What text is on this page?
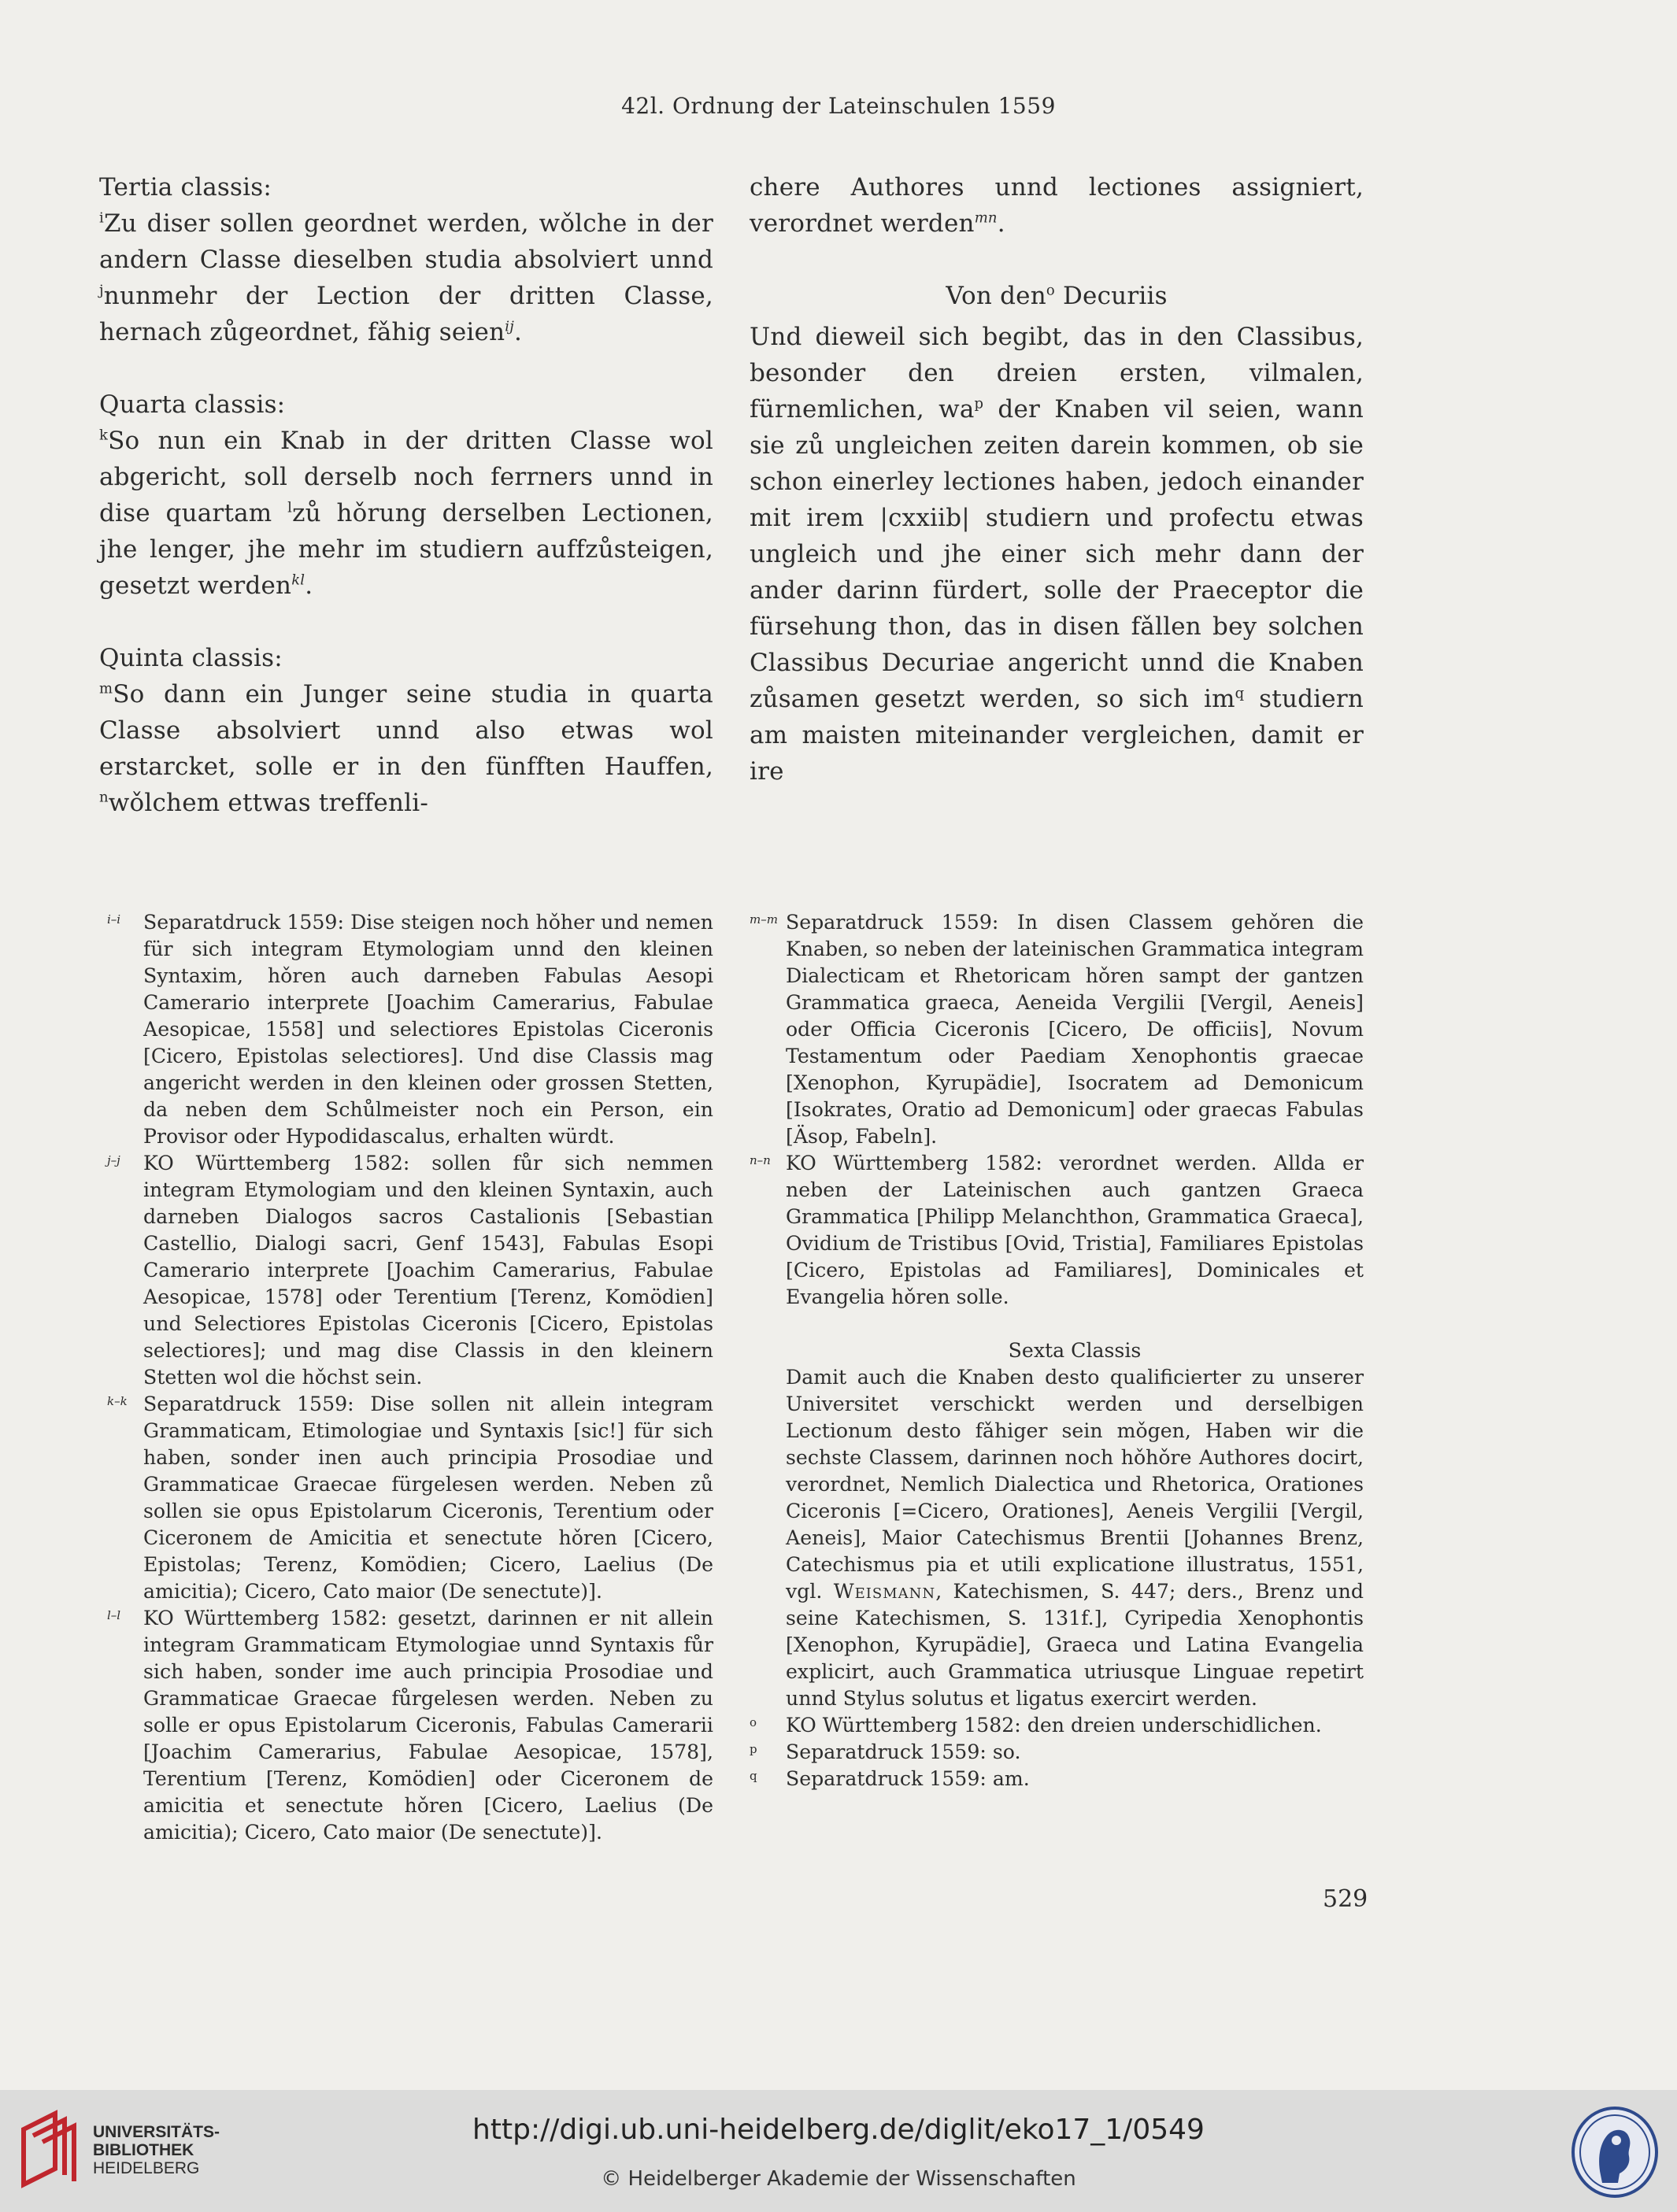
42l. Ordnung der Lateinschulen 1559

Tertia classis:

$^i$Zu diser sollen geordnet werden, wǒlche in der andern Classe dieselben studia absolviert unnd $^j$nunmehr der Lection der dritten Classe, hernach zůgeordnet, fǎhig seien$^{ij}$.

Quarta classis:

$^k$So nun ein Knab in der dritten Classe wol abgericht, soll derselb noch ferrners unnd in dise quartam $^l$zů hǒrung derselben Lectionen, jhe lenger, jhe mehr im studiern auffzůsteigen, gesetzt werden$^{kl}$.

Quinta classis:

$^m$So dann ein Junger seine studia in quarta Classe absolviert unnd also etwas wol erstarcket, solle er in den fünfften Hauffen, $^n$wǒlchem ettwas treffenli-

chere Authores unnd lectiones assigniert, verordnet werden$^{mn}$.

Von den$^o$ Decuriis

Und dieweil sich begibt, das in den Classibus, besonder den dreien ersten, vilmalen, fürnemlichen, $wa^p$ der Knaben vil seien, wann sie zů ungleichen zeiten darein kommen, ob sie schon einerley lectiones haben, jedoch einander mit irem |cxxiib| studiern und profectu etwas ungleich und jhe einer sich mehr dann der ander darinn fürdert, solle der Praeceptor die fürsehung thon, das in disen fǎllen bey solchen Classibus Decuriae angericht unnd die Knaben zůsamen gesetzt werden, so sich $im^q$ studiern am maisten miteinander vergleichen, damit er ire

i–i	Separatdruck 1559: Dise steigen noch hǒher und nemen für sich integram Etymologiam unnd den kleinen Syntaxim, hǒren auch darneben Fabulas Aesopi Camerario interprete [Joachim Camerarius, Fabulae Aesopicae, 1558] und selectiores Epistolas Ciceronis [Cicero, Epistolas selectiores]. Und dise Classis mag angericht werden in den kleinen oder grossen Stetten, da neben dem Schůlmeister noch ein Person, ein Provisor oder Hypodidascalus, erhalten würdt.

j–j	KO Württemberg 1582: sollen fůr sich nemmen integram Etymologiam und den kleinen Syntaxin, auch darneben Dialogos sacros Castalionis [Sebastian Castellio, Dialogi sacri, Genf 1543], Fabulas Esopi Camerario interprete [Joachim Camerarius, Fabulae Aesopicae, 1578] oder Terentium [Terenz, Komödien] und Selectiores Epistolas Ciceronis [Cicero, Epistolas selectiores]; und mag dise Classis in den kleinern Stetten wol die hǒchst sein.

k–k Separatdruck 1559: Dise sollen nit allein integram Grammaticam, Etimologiae und Syntaxis [sic!] für sich haben, sonder inen auch principia Prosodiae und Grammaticae Graecae fürgelesen werden. Neben zů sollen sie opus Epistolarum Ciceronis, Terentium oder Ciceronem de Amicitia et senectute hǒren [Cicero, Epistolas; Terenz, Komödien; Cicero, Laelius (De amicitia); Cicero, Cato maior (De senectute)].

l–l	KO Württemberg 1582: gesetzt, darinnen er nit allein integram Grammaticam Etymologiae unnd Syntaxis fůr sich haben, sonder ime auch principia Prosodiae und Grammaticae Graecae fůrgelesen werden. Neben zu solle er opus Epistolarum Ciceronis, Fabulas Camerarii [Joachim Camerarius, Fabulae Aesopicae, 1578], Terentium [Terenz, Komödien] oder Ciceronem de amicitia et senectute hǒren [Cicero, Laelius (De amicitia); Cicero, Cato maior (De senectute)].

m–m Separatdruck 1559: In disen Classem gehǒren die Knaben, so neben der lateinischen Grammatica integram Dialecticam et Rhetoricam hǒren sampt der gantzen Grammatica graeca, Aeneida Vergilii [Vergil, Aeneis] oder Officia Ciceronis [Cicero, De officiis], Novum Testamentum oder Paediam Xenophontis graecae [Xenophon, Kyrupädie], Isocratem ad Demonicum [Isokrates, Oratio ad Demonicum] oder graecas Fabulas [Äsop, Fabeln].

n–n KO Württemberg 1582: verordnet werden. Allda er neben der Lateinischen auch gantzen Graeca Grammatica [Philipp Melanchthon, Grammatica Graeca], Ovidium de Tristibus [Ovid, Tristia], Familiares Epistolas [Cicero, Epistolas ad Familiares], Dominicales et Evangelia hǒren solle.

Sexta Classis

Damit auch die Knaben desto qualificierter zu unserer Universitet verschickt werden und derselbigen Lectionum desto fǎhiger sein mǒgen, Haben wir die sechste Classem, darinnen noch hǒhǒre Authores docirt, verordnet, Nemlich Dialectica und Rhetorica, Orationes Ciceronis [=Cicero, Orationes], Aeneis Vergilii [Vergil, Aeneis], Maior Catechismus Brentii [Johannes Brenz, Catechismus pia et utili explicatione illustratus, 1551, vgl. Weismann, Katechismen, S. 447; ders., Brenz und seine Katechismen, S. 131f.], Cyripedia Xenophontis [Xenophon, Kyrupädie], Graeca und Latina Evangelia explicirt, auch Grammatica utriusque Linguae repetirt unnd Stylus solutus et ligatus exercirt werden.

o	KO Württemberg 1582: den dreien underschidlichen.

p	Separatdruck 1559: so.

q	Separatdruck 1559: am.

529
UNIVERSITÄTS-
BIBLIOTHEK
HEIDELBERG
http://digi.ub.uni-heidelberg.de/diglit/eko17_1/0549
© Heidelberger Akademie der Wissenschaften
